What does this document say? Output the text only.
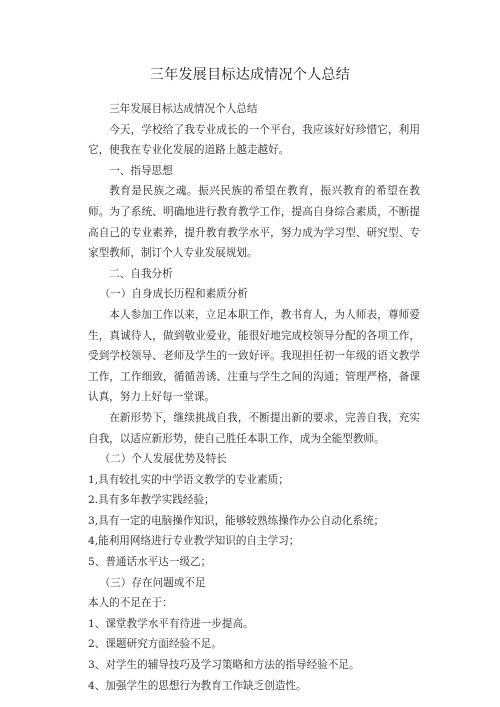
三年发展目标达成情况个人总结

三年发展目标达成情况个人总结

今天，学校给了我专业成长的一个平台，我应该好好珍惜它，利用它，使我在专业化发展的道路上越走越好。

一、指导思想

教育是民族之魂。振兴民族的希望在教育，振兴教育的希望在教师。为了系统、明确地进行教育教学工作，提高自身综合素质，不断提高自己的专业素养，提升教育教学水平，努力成为学习型、研究型、专家型教师，制订个人专业发展规划。

二、自我分析

（一）自身成长历程和素质分析

本人参加工作以来，立足本职工作，教书育人，为人师表，尊师爱生，真诚待人，做到敬业爱业，能很好地完成校领导分配的各项工作，受到学校领导、老师及学生的一致好评。我现担任初一年级的语文教学工作，工作细致，循循善诱、注重与学生之间的沟通；管理严格，备课认真，努力上好每一堂课。

在新形势下，继续挑战自我，不断提出新的要求，完善自我，充实自我，以适应新形势，使自己胜任本职工作，成为全能型教师。

（二）个人发展优势及特长

1,具有较扎实的中学语文教学的专业素质；

2.具有多年教学实践经验；

3,具有一定的电脑操作知识，能够较熟练操作办公自动化系统；

4,能利用网络进行专业教学知识的自主学习；

5、普通话水平达一级乙；

（三）存在问题或不足

本人的不足在于：

1、课堂教学水平有待进一步提高。

2、课题研究方面经验不足。

3、对学生的辅导技巧及学习策略和方法的指导经验不足。

4、加强学生的思想行为教育工作缺乏创造性。
